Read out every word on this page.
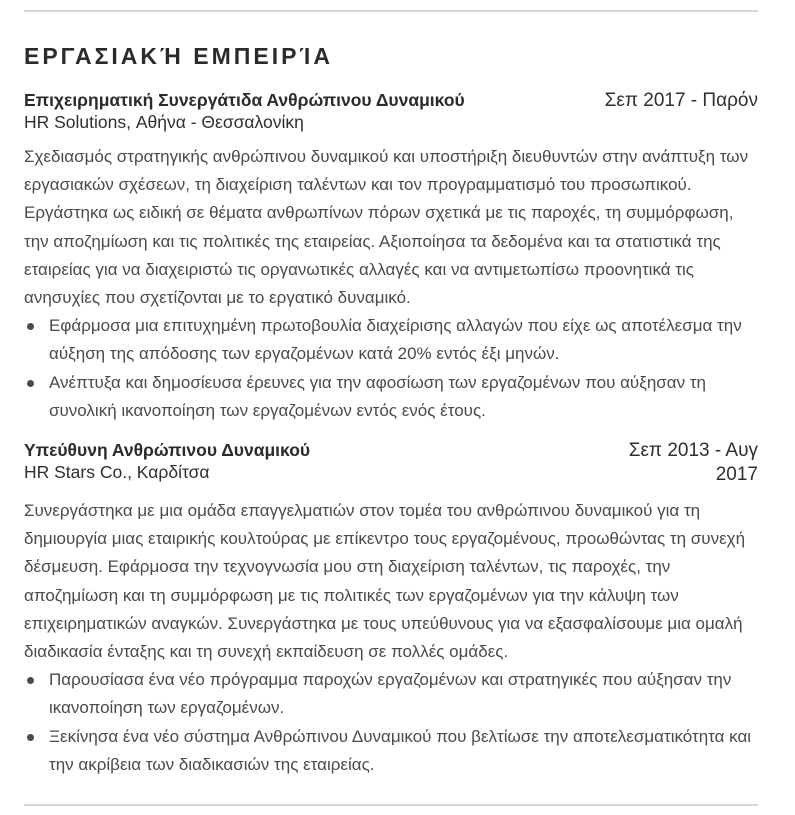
ΕΡΓΑΣΙΑΚΉ ΕΜΠΕΙΡΊΑ
Επιχειρηματική Συνεργάτιδα Ανθρώπινου Δυναμικού
HR Solutions, Αθήνα - Θεσσαλονίκη
Σεπ 2017 - Παρόν
Σχεδιασμός στρατηγικής ανθρώπινου δυναμικού και υποστήριξη διευθυντών στην ανάπτυξη των εργασιακών σχέσεων, τη διαχείριση ταλέντων και τον προγραμματισμό του προσωπικού. Εργάστηκα ως ειδική σε θέματα ανθρωπίνων πόρων σχετικά με τις παροχές, τη συμμόρφωση, την αποζημίωση και τις πολιτικές της εταιρείας. Αξιοποίησα τα δεδομένα και τα στατιστικά της εταιρείας για να διαχειριστώ τις οργανωτικές αλλαγές και να αντιμετωπίσω προονητικά τις ανησυχίες που σχετίζονται με το εργατικό δυναμικό.
Εφάρμοσα μια επιτυχημένη πρωτοβουλία διαχείρισης αλλαγών που είχε ως αποτέλεσμα την αύξηση της απόδοσης των εργαζομένων κατά 20% εντός έξι μηνών.
Ανέπτυξα και δημοσίευσα έρευνες για την αφοσίωση των εργαζομένων που αύξησαν τη συνολική ικανοποίηση των εργαζομένων εντός ενός έτους.
Υπεύθυνη Ανθρώπινου Δυναμικού
HR Stars Co., Καρδίτσα
Σεπ 2013 - Αυγ 2017
Συνεργάστηκα με μια ομάδα επαγγελματιών στον τομέα του ανθρώπινου δυναμικού για τη δημιουργία μιας εταιρικής κουλτούρας με επίκεντρο τους εργαζομένους, προωθώντας τη συνεχή δέσμευση. Εφάρμοσα την τεχνογνωσία μου στη διαχείριση ταλέντων, τις παροχές, την αποζημίωση και τη συμμόρφωση με τις πολιτικές των εργαζομένων για την κάλυψη των επιχειρηματικών αναγκών. Συνεργάστηκα με τους υπεύθυνους για να εξασφαλίσουμε μια ομαλή διαδικασία ένταξης και τη συνεχή εκπαίδευση σε πολλές ομάδες.
Παρουσίασα ένα νέο πρόγραμμα παροχών εργαζομένων και στρατηγικές που αύξησαν την ικανοποίηση των εργαζομένων.
Ξεκίνησα ένα νέο σύστημα Ανθρώπινου Δυναμικού που βελτίωσε την αποτελεσματικότητα και την ακρίβεια των διαδικασιών της εταιρείας.
